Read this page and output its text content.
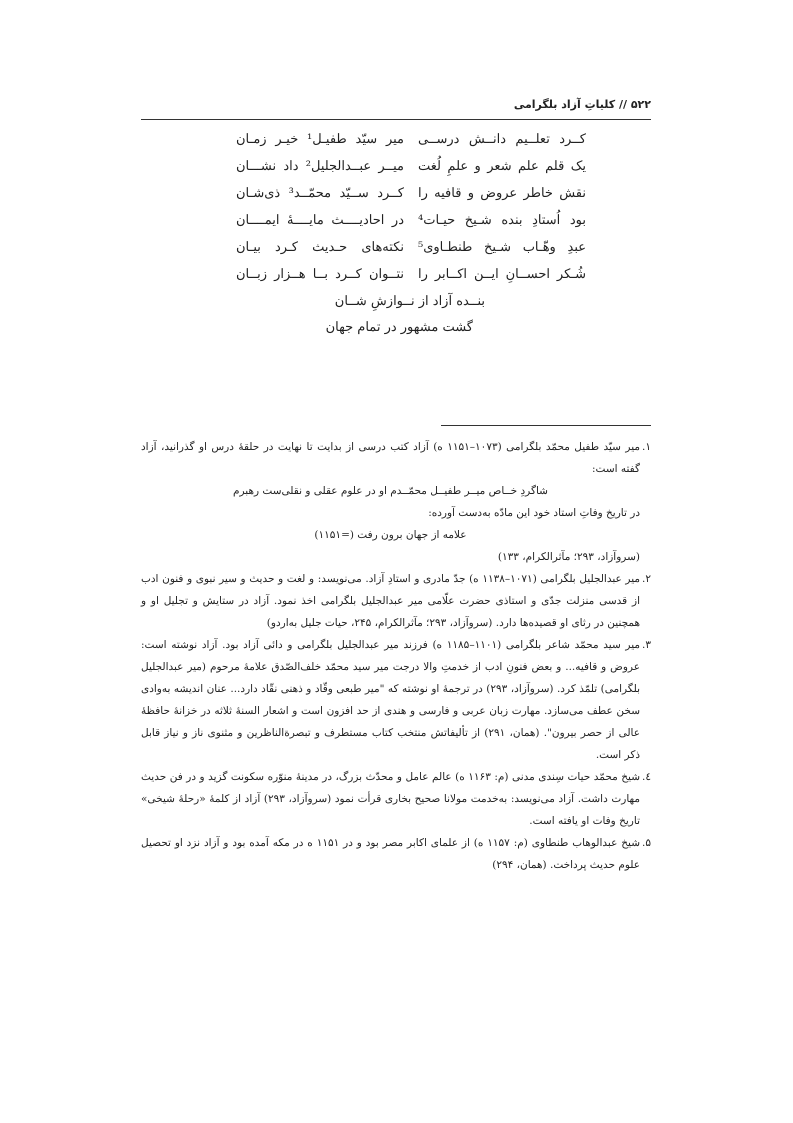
۵۲۲ // کلیاتِ آزاد بلگرامی
کــرد تعلــیم دانــش درســی
میر سیّد طفیـل¹ خیـر زمـان
یک قلم علم شعر و علمِ لُغت
میــر عبــدالجلیل² داد نشـــان
نقش خاطر عروض و قافیه را
کــرد ســیّد محمّــد³ ذی‌شـان
بود اُستادِ بنده شـیخ حیـات⁴
در احادیــــث مایــــهٔ ایمــــان
عبدِ وهّـاب شـیخ طنطـاوی⁵
نکته‌های حـدیث کـرد بیـان
شُـکر احســانِ ایــن اکــابر را
نتــوان کــرد بــا هــزار زبــان
بنــده آزاد از نــوازشِ شــان
گشت مشهور در تمام جهان
۱.
میر سیّد طفیل محمّد بلگرامی (۱۰۷۳–۱۱۵۱ ه) آزاد کتب درسی از بدایت تا نهایت در حلقهٔ درس او گذرانید، آزاد گفته است:
شاگردِ خــاص میــر طفیــل محمّــدم او در علوم عقلی و نقلی‌ست رهبرم
در تاریخ وفاتِ استاد خود این مادّه به‌دست آورده:
علامه از جهان برون رفت (=۱۱۵۱)
(سروآزاد، ۲۹۳؛ مآثرالکرام، ۱۳۳)
۲.
میر عبدالجلیل بلگرامی (۱۰۷۱–۱۱۳۸ ه) جدّ مادری و استادِ آزاد. می‌نویسد: و لغت و حدیث و سیر نبوی و فنون ادب از قدسی منزلت جدّی و استاذی حضرت علّامی میر عبدالجلیل بلگرامی اخذ نمود. آزاد در ستایش و تجلیل او و همچنین در رثای او قصیده‌ها دارد. (سروآزاد، ۲۹۳؛ مآثرالکرام، ۲۴۵، حیات جلیل به‌اردو)
۳.
میر سید محمّد شاعر بلگرامی (۱۱۰۱–۱۱۸۵ ه) فرزند میر عبدالجلیل بلگرامی و دائی آزاد بود. آزاد نوشته است: عروض و قافیه... و بعض فنونِ ادب از خدمتِ والا درجت میر سید محمّد خلف‌الصّدق علامهٔ مرحوم (میر عبدالجلیل بلگرامی) تلمّذ کرد. (سروآزاد، ۲۹۳) در ترجمهٔ او نوشته که "میر طبعی وقّاد و ذهنی نقّاد دارد... عنان اندیشه به‌وادی سخن عطف می‌سازد. مهارت زبان عربی و فارسی و هندی از حد افزون است و اشعار السنهٔ ثلاثه در خزانهٔ حافظهٔ عالی از حصر بیرون". (همان، ۲۹۱) از تألیفاتش منتخب کتاب مستطرف و تبصرةالناظرین و مثنوی ناز و نیاز قابل ذکر است.
٤.
شیخ محمّد حیات سِندی مدنی (م: ۱۱۶۳ ه) عالم عامل و محدّث بزرگ، در مدینهٔ منوّره سکونت گزید و در فن حدیث مهارت داشت. آزاد می‌نویسد: به‌خدمت مولانا صحیح بخاری قرأت نمود (سروآزاد، ۲۹۳) آزاد از کلمهٔ «رحلهٔ شیخی» تاریخ وفات او یافته است.
۵.
شیخ عبدالوهاب طنطاوی (م: ۱۱۵۷ ه) از علمای اکابر مصر بود و در ۱۱۵۱ ه در مکه آمده بود و آزاد نزد او تحصیل علوم حدیث پرداخت. (همان، ۲۹۴)
